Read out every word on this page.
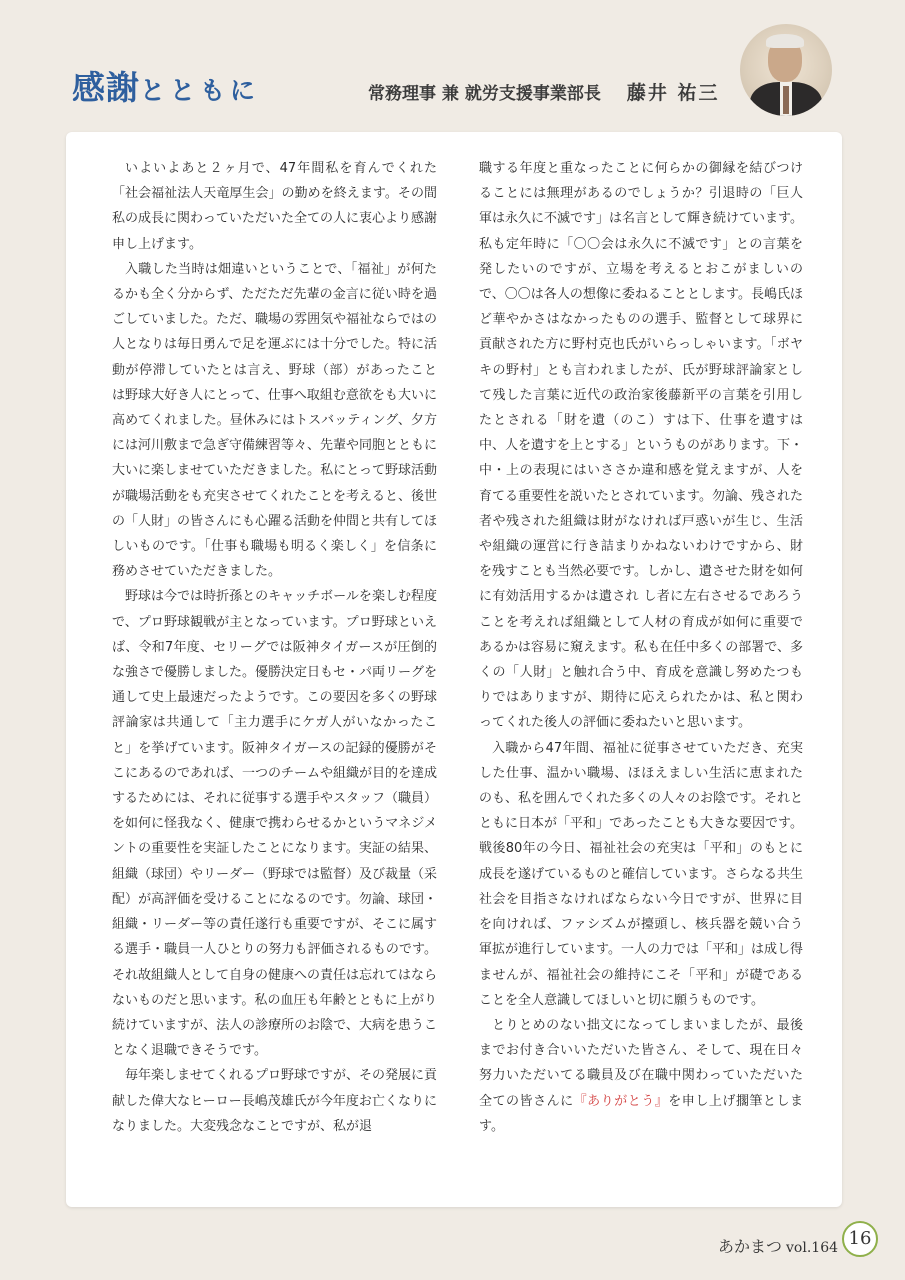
感謝とともに	常務理事 兼 就労支援事業部長 藤井 祐三

いよいよあと２ヶ月で、47年間私を育んでくれた「社会福祉法人天竜厚生会」の勤めを終えます。その間私の成長に関わっていただいた全ての人に衷心より感謝申し上げます。

入職した当時は畑違いということで、「福祉」が何たるかも全く分からず、ただただ先輩の金言に従い時を過ごしていました。ただ、職場の雰囲気や福祉ならではの人となりは毎日勇んで足を運ぶには十分でした。特に活動が停滞していたとは言え、野球（部）があったことは野球大好き人にとって、仕事へ取組む意欲をも大いに高めてくれました。昼休みにはトスバッティング、夕方には河川敷まで急ぎ守備練習等々、先輩や同胞とともに大いに楽しませていただきました。私にとって野球活動が職場活動をも充実させてくれたことを考えると、後世の「人財」の皆さんにも心躍る活動を仲間と共有してほしいものです。「仕事も職場も明るく楽しく」を信条に務めさせていただきました。

野球は今では時折孫とのキャッチボールを楽しむ程度で、プロ野球観戦が主となっています。プロ野球といえば、令和7年度、セリーグでは阪神タイガースが圧倒的な強さで優勝しました。優勝決定日もセ・パ両リーグを通して史上最速だったようです。この要因を多くの野球評論家は共通して「主力選手にケガ人がいなかったこと」を挙げています。阪神タイガースの記録的優勝がそこにあるのであれば、一つのチームや組織が目的を達成するためには、それに従事する選手やスタッフ（職員）を如何に怪我なく、健康で携わらせるかというマネジメントの重要性を実証したことになります。実証の結果、組織（球団）やリーダー（野球では監督）及び裁量（采配）が高評価を受けることになるのです。勿論、球団・組織・リーダー等の責任遂行も重要ですが、そこに属する選手・職員一人ひとりの努力も評価されるものです。それ故組織人として自身の健康への責任は忘れてはならないものだと思います。私の血圧も年齢とともに上がり続けていますが、法人の診療所のお陰で、大病を患うことなく退職できそうです。

毎年楽しませてくれるプロ野球ですが、その発展に貢献した偉大なヒーロー長嶋茂雄氏が今年度お亡くなりになりました。大変残念なことですが、私が退

職する年度と重なったことに何らかの御縁を結びつけることには無理があるのでしょうか？引退時の「巨人軍は永久に不滅です」は名言として輝き続けています。私も定年時に「〇〇会は永久に不滅です」との言葉を発したいのですが、立場を考えるとおこがましいので、〇〇は各人の想像に委ねることとします。長嶋氏ほど華やかさはなかったものの選手、監督として球界に貢献された方に野村克也氏がいらっしゃいます。「ボヤキの野村」とも言われましたが、氏が野球評論家として残した言葉に近代の政治家後藤新平の言葉を引用したとされる「財を遺（のこ）すは下、仕事を遺すは中、人を遺すを上とする」というものがあります。下・中・上の表現にはいささか違和感を覚えますが、人を育てる重要性を説いたとされています。勿論、残された者や残された組織は財がなければ戸惑いが生じ、生活や組織の運営に行き詰まりかねないわけですから、財を残すことも当然必要です。しかし、遺させた財を如何に有効活用するかは遺され し者に左右させるであろうことを考えれば組織として人材の育成が如何に重要であるかは容易に窺えます。私も在任中多くの部署で、多くの「人財」と触れ合う中、育成を意識し努めたつもりではありますが、期待に応えられたかは、私と関わってくれた後人の評価に委ねたいと思います。

入職から47年間、福祉に従事させていただき、充実した仕事、温かい職場、ほほえましい生活に恵まれたのも、私を囲んでくれた多くの人々のお陰です。それとともに日本が「平和」であったことも大きな要因です。戦後80年の今日、福祉社会の充実は「平和」のもとに成長を遂げているものと確信しています。さらなる共生社会を目指さなければならない今日ですが、世界に目を向ければ、ファシズムが擡頭し、核兵器を競い合う軍拡が進行しています。一人の力では「平和」は成し得ませんが、福祉社会の維持にこそ「平和」が礎であることを全人意識してほしいと切に願うものです。

とりとめのない拙文になってしまいましたが、最後までお付き合いいただいた皆さん、そして、現在日々努力いただいてる職員及び在職中関わっていただいた全ての皆さんに『ありがとう』を申し上げ擱筆とします。

あかまつ vol.164 16
